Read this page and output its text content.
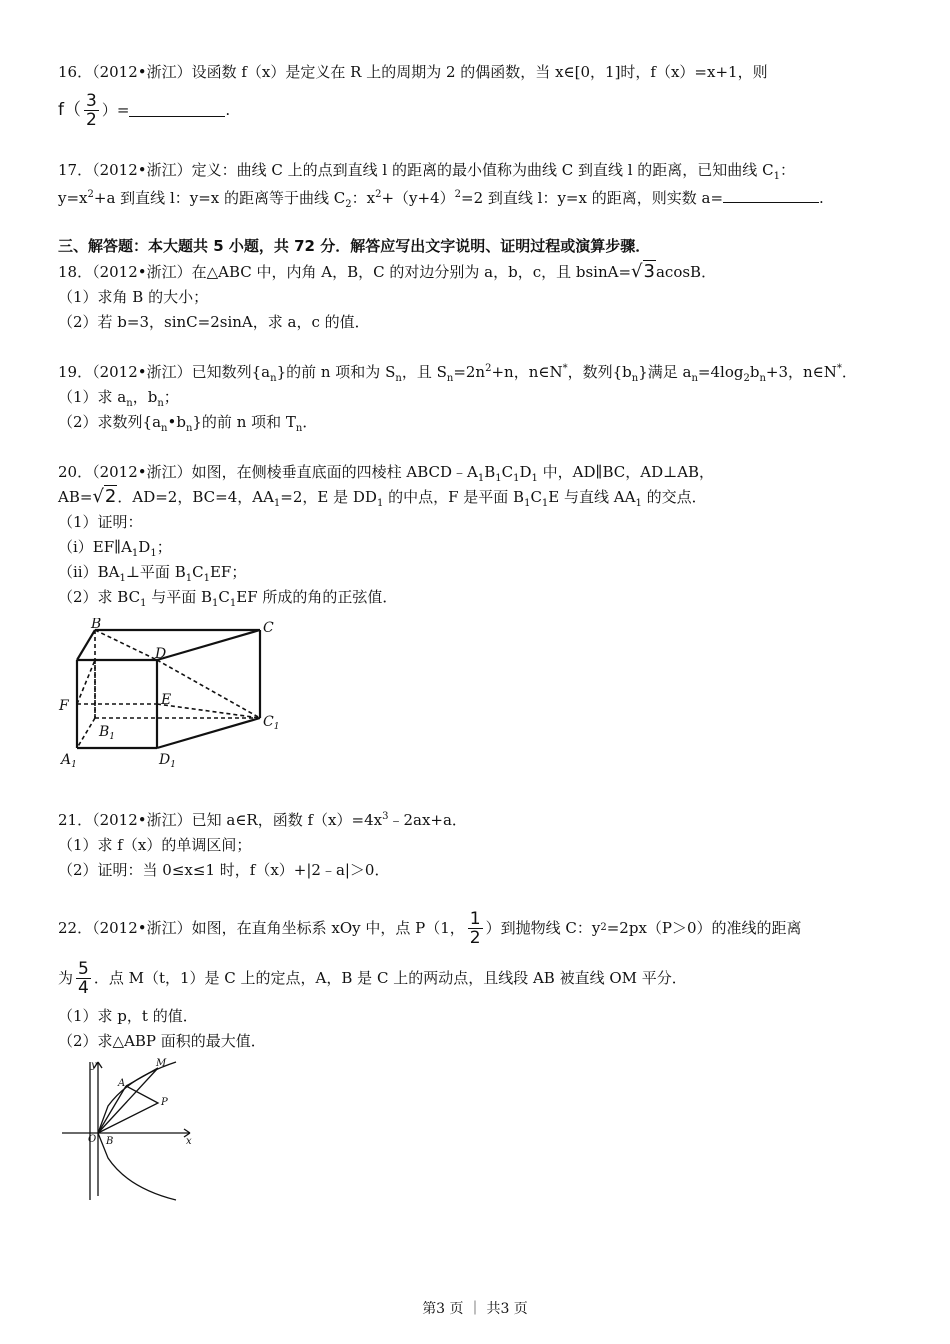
16．（2012•浙江）设函数 f（x）是定义在 R 上的周期为 2 的偶函数，当 x∈[0，1]时，f（x）=x+1，则
$f( \frac{3}{2}$ ）=	.
17．（2012•浙江）定义：曲线 C 上的点到直线 l 的距离的最小值称为曲线 C 到直线 l 的距离，已知曲线 $C_1$：
$y=x^2+a$ 到直线 l：y=x 的距离等于曲线 $C_2$：$x^2+(y+4)^2=2$ 到直线 l：y=x 的距离，则实数 a=	.
三、解答题：本大题共 5 小题，共 72 分．解答应写出文字说明、证明过程或演算步骤．
18．（2012•浙江）在△ABC 中，内角 A，B，C 的对边分别为 a，b，c，且 bsinA=√3acosB．
（1）求角 B 的大小；
（2）若 b=3，sinC=2sinA，求 a，c 的值．
19．（2012•浙江）已知数列$\{a_n\}$的前 n 项和为 $S_n$，且 $S_n=2n^2+n$，n∈N*，数列$\{b_n\}$满足 $a_n=4\log_2b_n+3$，n∈N*．
（1）求 $a_n$，$b_n$；
（2）求数列$\{a_n•b_n\}$的前 n 项和 $T_n$．
20．（2012•浙江）如图，在侧棱垂直底面的四棱柱 $ABCD﹣A_1B_1C_1D_1$ 中，AD∥BC，AD⊥AB，
AB=√2．AD=2，BC=4，$AA_1=2$，E 是 $DD_1$ 的中点，F 是平面 $B_1C_1E$ 与直线 $AA_1$ 的交点．
（1）证明：
$(i)EF\parallel A_1D_1$；
$(ii)BA_1\perp$平面 $B_1C_1EF$；
（2）求 $BC_1$ 与平面 $B_1C_1EF$ 所成的角的正弦值．
B	C
D
E
F
$C_1$
$B_1$
$A_1$	$D_1$
21．（2012•浙江）已知 a∈R，函数 $f(x)=4x^3﹣2ax+a$．
（1）求 f（x）的单调区间；
（2）证明：当 0≤x≤1 时，f（x）+|2﹣a|＞0．
22．（2012•浙江）如图，在直角坐标系 xOy 中，点 P（1， $\frac{1}{2}$ ）到抛物线 C：y 2 =2px（P＞0）的准线的距离
为 $\frac{5}{4}$ ．点 M（t，1）是 C 上的定点，A，B 是 C 上的两动点，且线段 AB 被直线 OM 平分．
（1）求 p，t 的值．
（2）求△ABP 面积的最大值．
y
x
O
A
B
M
P
第3 页 ｜ 共3 页
